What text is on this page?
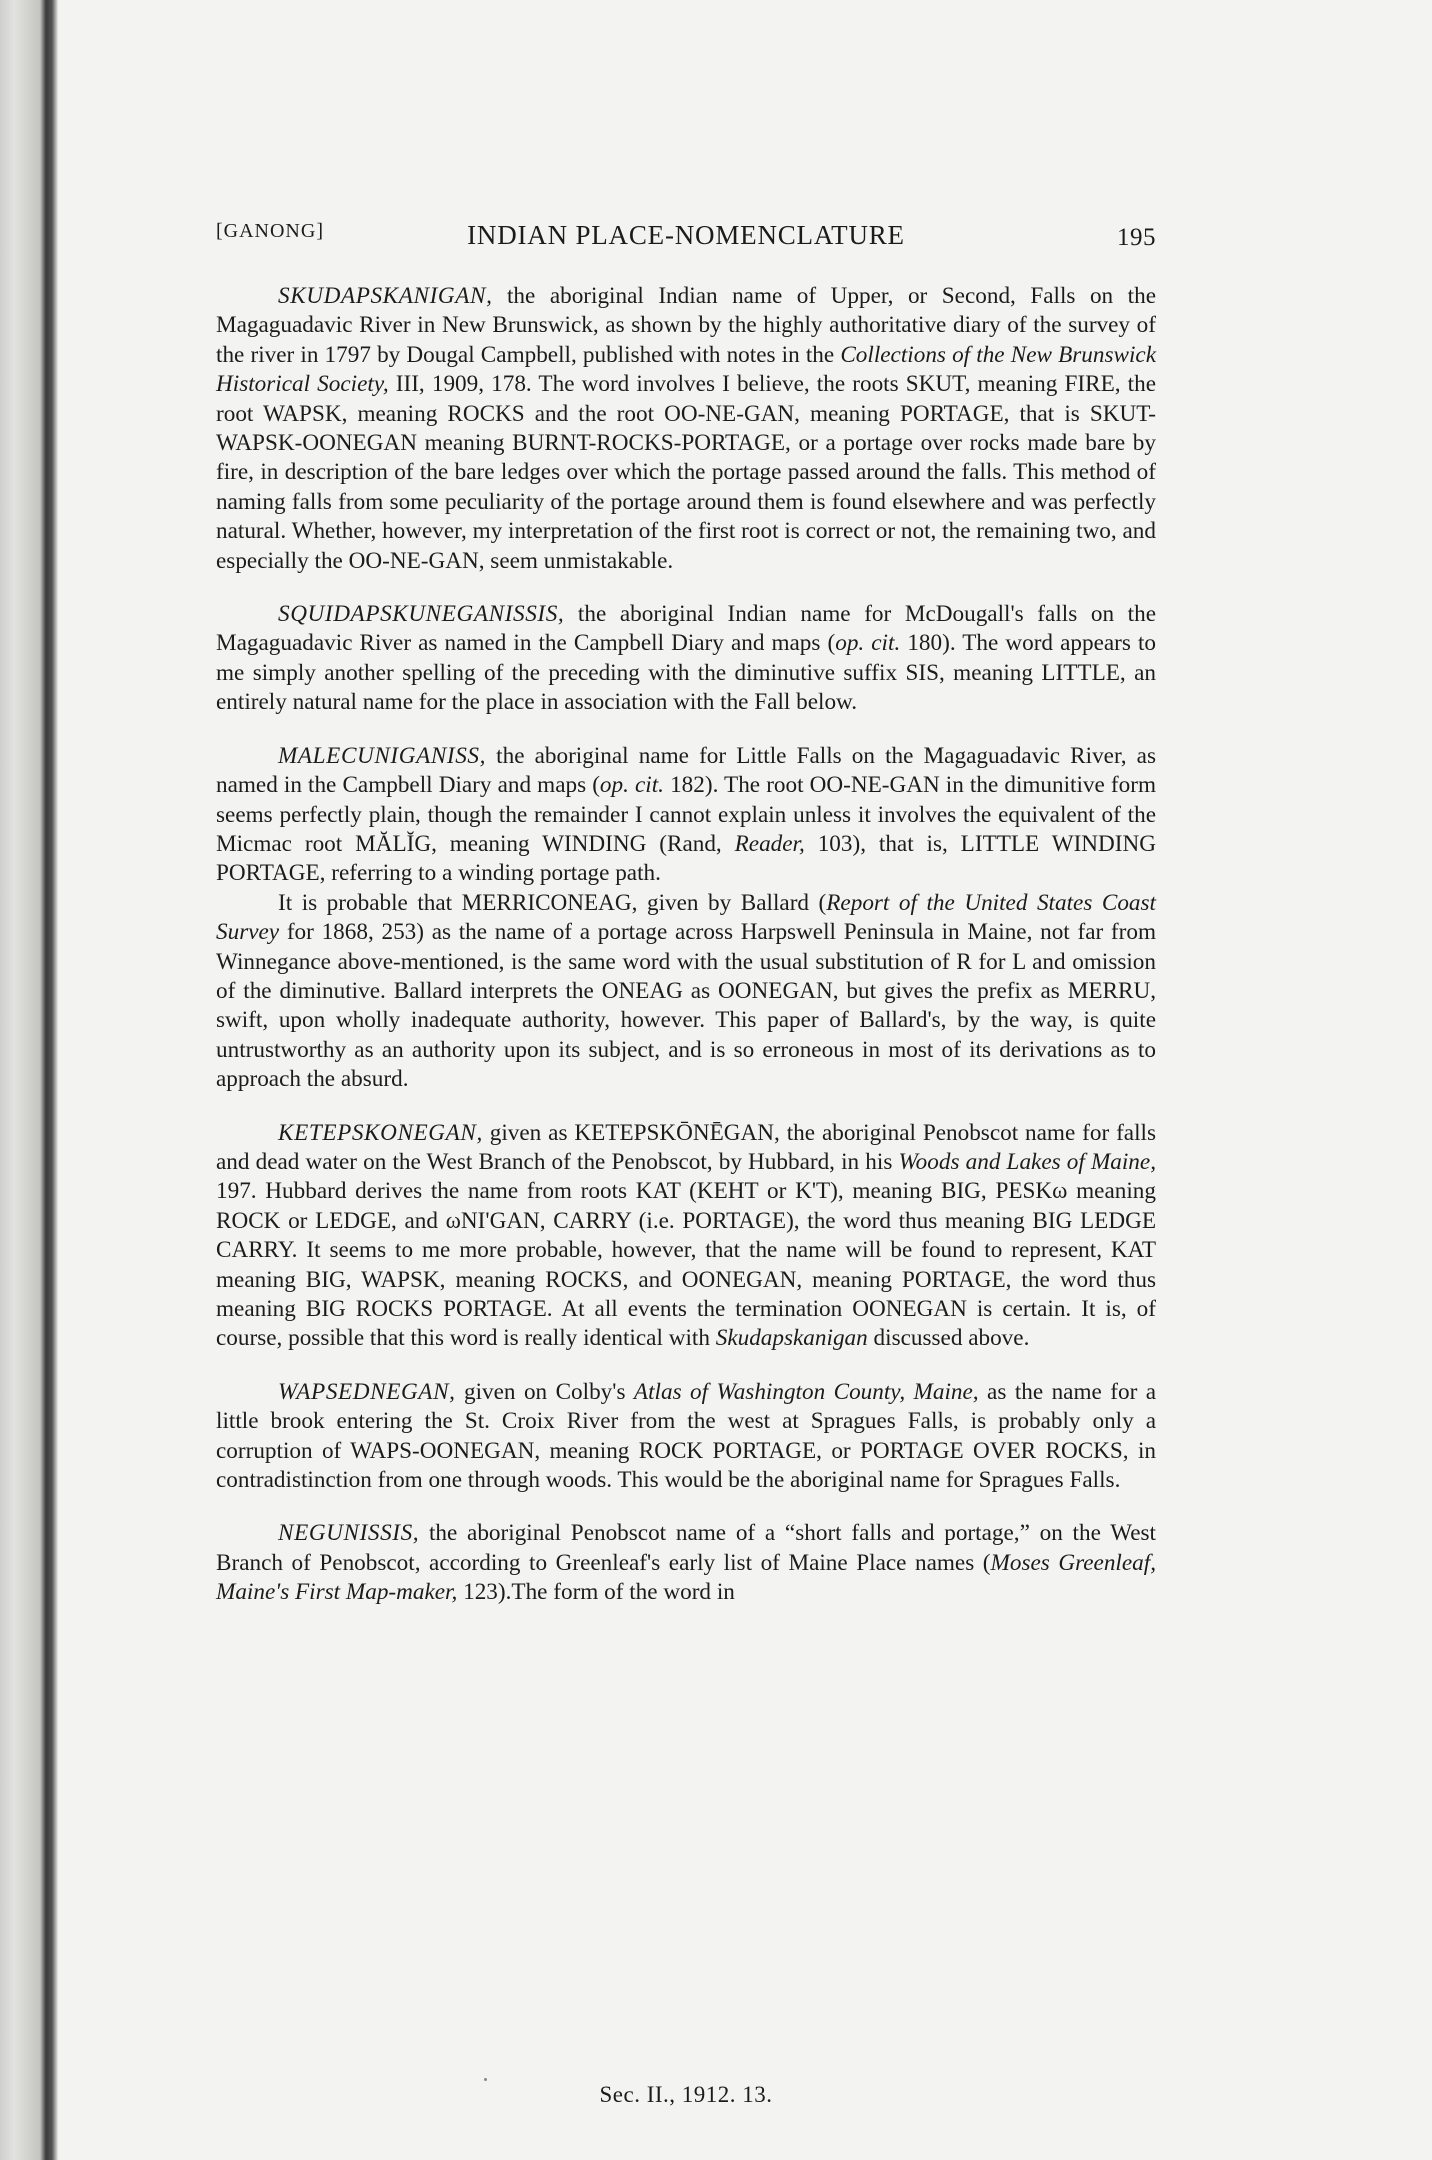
[GANONG]	INDIAN PLACE-NOMENCLATURE	195

SKUDAPSKANIGAN, the aboriginal Indian name of Upper, or Second, Falls on the Magaguadavic River in New Brunswick, as shown by the highly authoritative diary of the survey of the river in 1797 by Dougal Campbell, published with notes in the Collections of the New Brunswick Historical Society, III, 1909, 178. The word involves I believe, the roots SKUT, meaning FIRE, the root WAPSK, meaning ROCKS and the root OO-NE-GAN, meaning PORTAGE, that is SKUT-WAPSK-OONEGAN meaning BURNT-ROCKS-PORTAGE, or a portage over rocks made bare by fire, in description of the bare ledges over which the portage passed around the falls. This method of naming falls from some peculiarity of the portage around them is found elsewhere and was perfectly natural. Whether, however, my interpretation of the first root is correct or not, the remaining two, and especially the OO-NE-GAN, seem unmistakable.

SQUIDAPSKUNEGANISSIS, the aboriginal Indian name for McDougall's falls on the Magaguadavic River as named in the Campbell Diary and maps (op. cit. 180). The word appears to me simply another spelling of the preceding with the diminutive suffix SIS, meaning LITTLE, an entirely natural name for the place in association with the Fall below.

MALECUNIGANISS, the aboriginal name for Little Falls on the Magaguadavic River, as named in the Campbell Diary and maps (op. cit. 182). The root OO-NE-GAN in the dimunitive form seems perfectly plain, though the remainder I cannot explain unless it involves the equivalent of the Micmac root MĂLĬG, meaning WINDING (Rand, Reader, 103), that is, LITTLE WINDING PORTAGE, referring to a winding portage path.

It is probable that MERRICONEAG, given by Ballard (Report of the United States Coast Survey for 1868, 253) as the name of a portage across Harpswell Peninsula in Maine, not far from Winnegance above-mentioned, is the same word with the usual substitution of R for L and omission of the diminutive. Ballard interprets the ONEAG as OONEGAN, but gives the prefix as MERRU, swift, upon wholly inadequate authority, however. This paper of Ballard's, by the way, is quite untrustworthy as an authority upon its subject, and is so erroneous in most of its derivations as to approach the absurd.

KETEPSKONEGAN, given as KETEPSKŌNĒGAN, the aboriginal Penobscot name for falls and dead water on the West Branch of the Penobscot, by Hubbard, in his Woods and Lakes of Maine, 197. Hubbard derives the name from roots KAT (KEHT or K'T), meaning BIG, PESKω meaning ROCK or LEDGE, and ωNI'GAN, CARRY (i.e. PORTAGE), the word thus meaning BIG LEDGE CARRY. It seems to me more probable, however, that the name will be found to represent, KAT meaning BIG, WAPSK, meaning ROCKS, and OONEGAN, meaning PORTAGE, the word thus meaning BIG ROCKS PORTAGE. At all events the termination OONEGAN is certain. It is, of course, possible that this word is really identical with Skudapskanigan discussed above.

WAPSEDNEGAN, given on Colby's Atlas of Washington County, Maine, as the name for a little brook entering the St. Croix River from the west at Spragues Falls, is probably only a corruption of WAPS-OONEGAN, meaning ROCK PORTAGE, or PORTAGE OVER ROCKS, in contradistinction from one through woods. This would be the aboriginal name for Spragues Falls.

NEGUNISSIS, the aboriginal Penobscot name of a “short falls and portage,” on the West Branch of Penobscot, according to Greenleaf's early list of Maine Place names (Moses Greenleaf, Maine's First Map-maker, 123).The form of the word in

Sec. II., 1912. 13.
